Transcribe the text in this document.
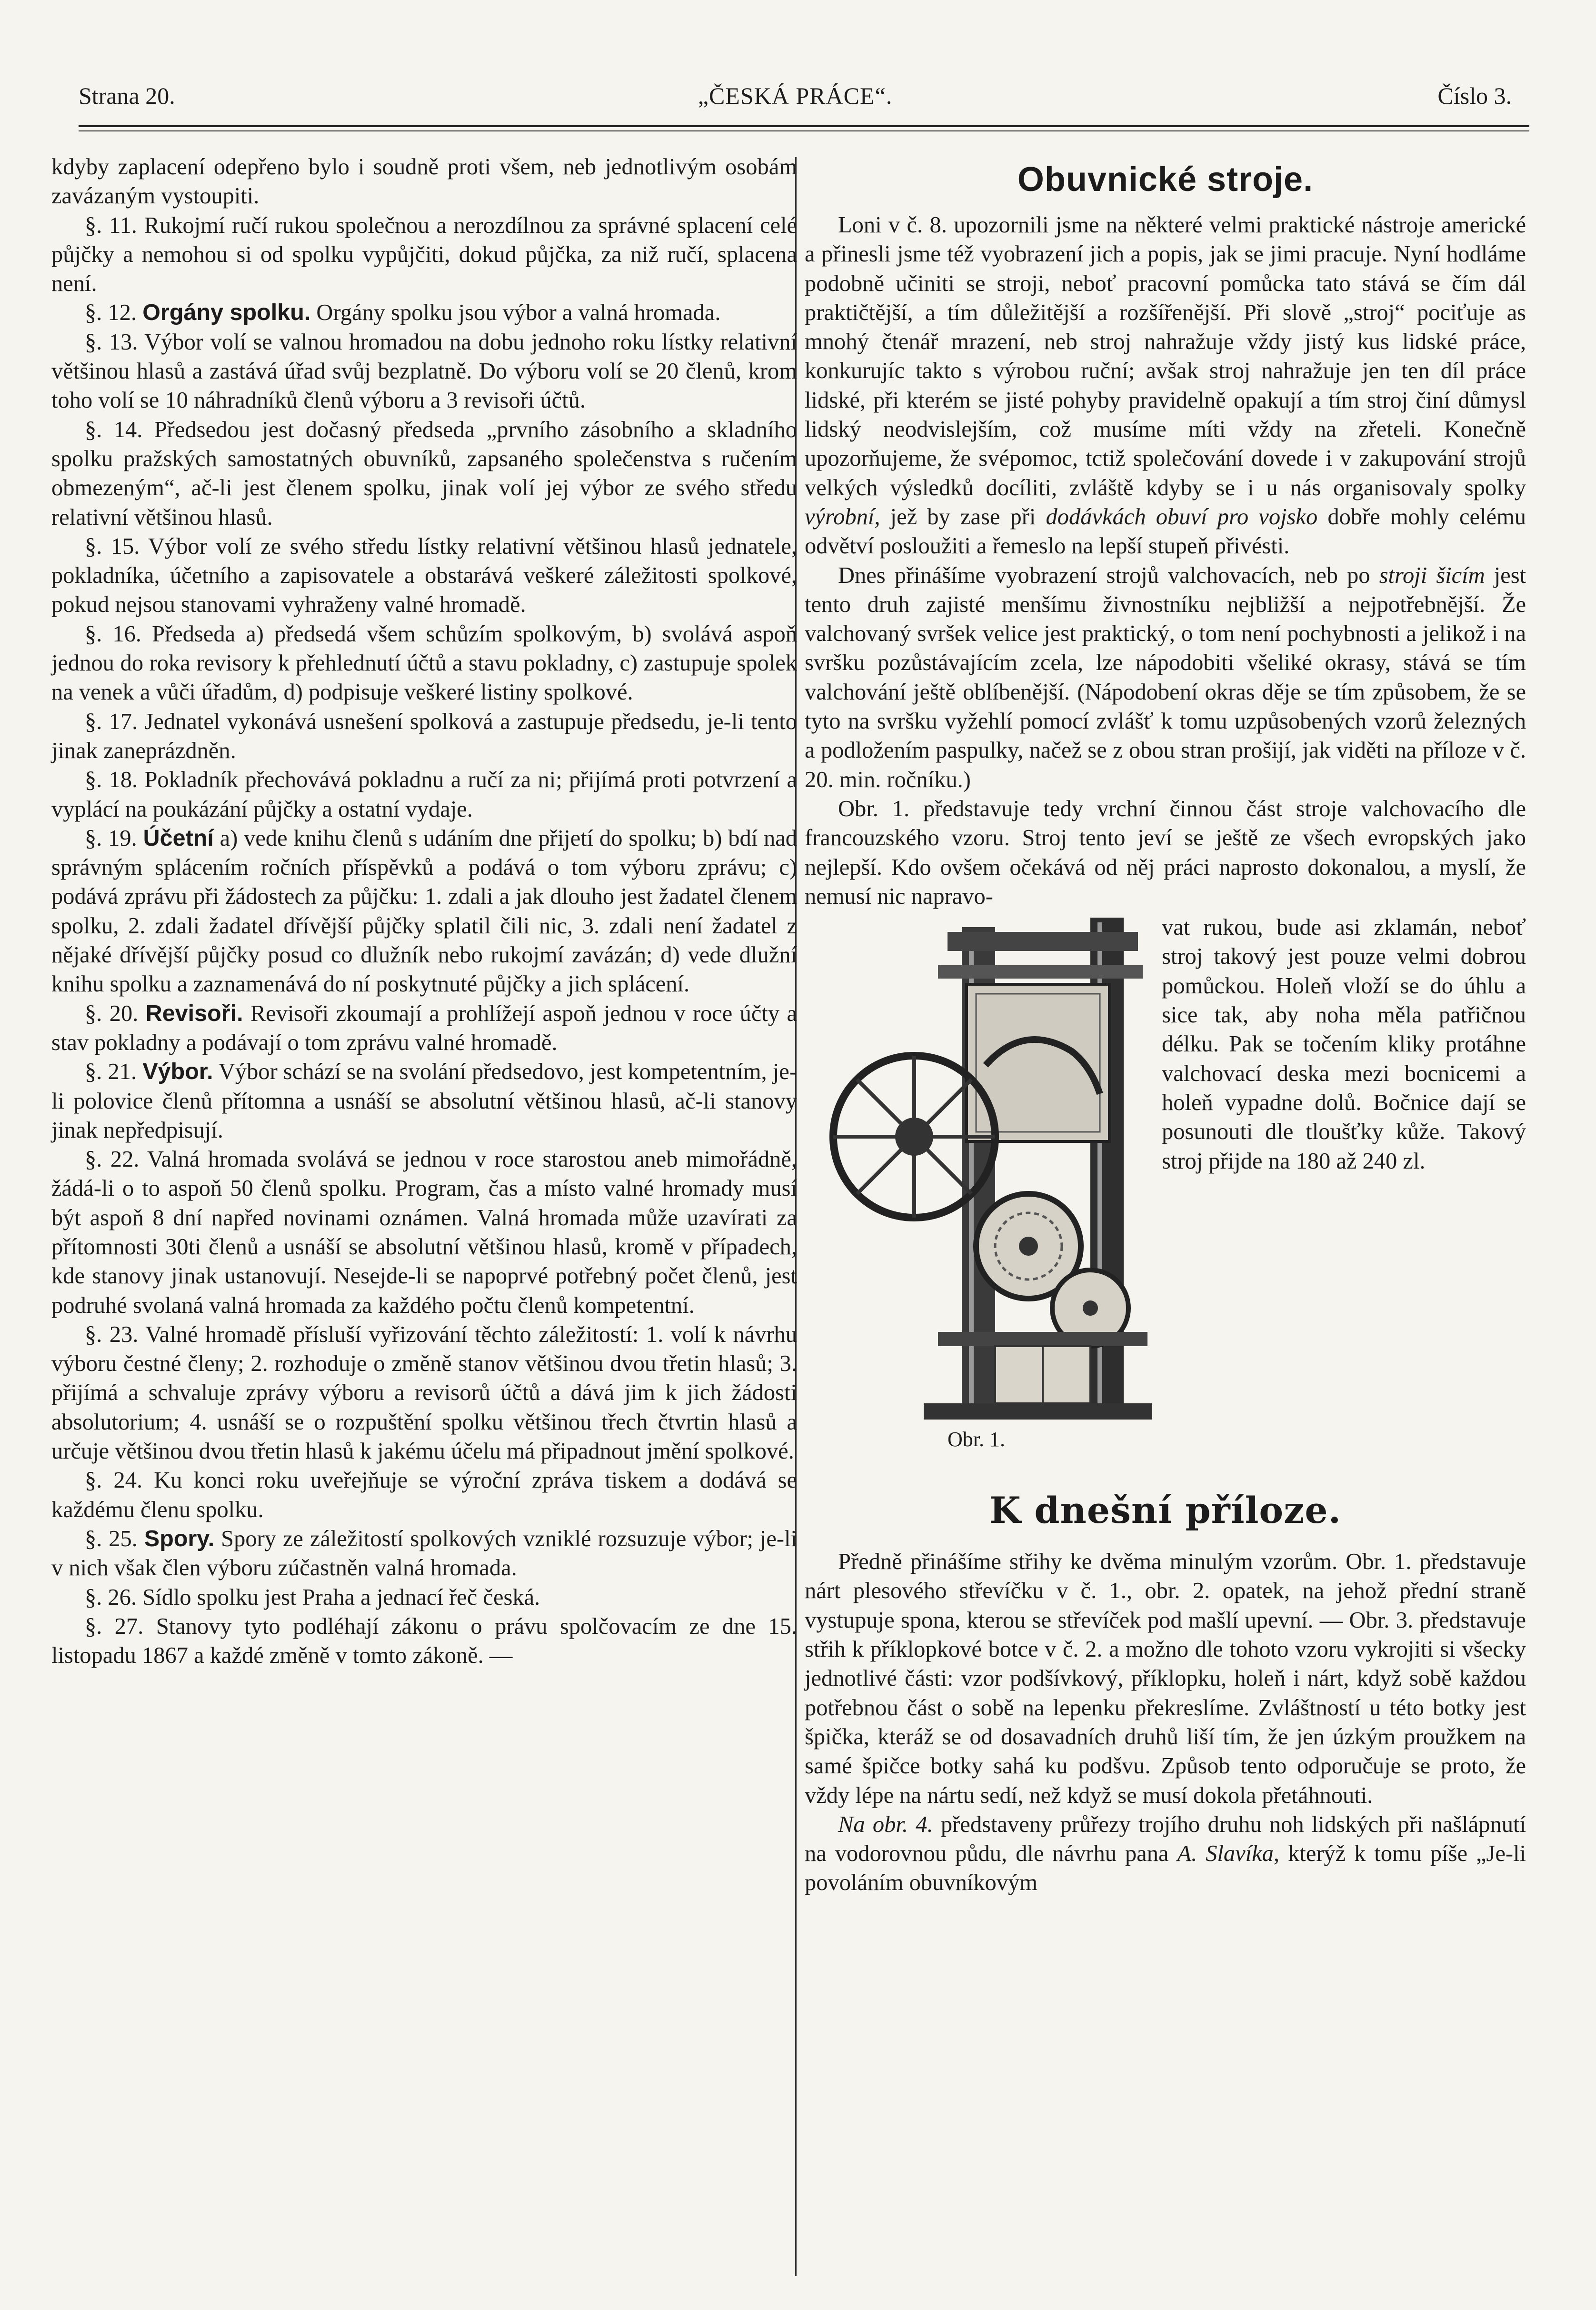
Strana 20.	„ČESKÁ PRÁCE“.	Číslo 3.

kdyby zaplacení odepřeno bylo i soudně proti všem, neb jednotlivým osobám zavázaným vystoupiti.

§. 11. Rukojmí ručí rukou společnou a nerozdílnou za správné splacení celé půjčky a nemohou si od spolku vypůjčiti, dokud půjčka, za niž ručí, splacena není.

§. 12. Orgány spolku. Orgány spolku jsou výbor a valná hromada.

§. 13. Výbor volí se valnou hromadou na dobu jednoho roku lístky relativní většinou hlasů a zastává úřad svůj bezplatně. Do výboru volí se 20 členů, krom toho volí se 10 náhradníků členů výboru a 3 revisoři účtů.

§. 14. Předsedou jest dočasný předseda „prvního zásobního a skladního spolku pražských samostatných obuvníků, zapsaného společenstva s ručením obmezeným“, ač-li jest členem spolku, jinak volí jej výbor ze svého středu relativní většinou hlasů.

§. 15. Výbor volí ze svého středu lístky relativní většinou hlasů jednatele, pokladníka, účetního a zapisovatele a obstarává veškeré záležitosti spolkové, pokud nejsou stanovami vyhraženy valné hromadě.

§. 16. Předseda a) předsedá všem schůzím spolkovým, b) svolává aspoň jednou do roka revisory k přehlednutí účtů a stavu pokladny, c) zastupuje spolek na venek a vůči úřadům, d) podpisuje veškeré listiny spolkové.

§. 17. Jednatel vykonává usnešení spolková a zastupuje předsedu, je-li tento jinak zaneprázdněn.

§. 18. Pokladník přechovává pokladnu a ručí za ni; přijímá proti potvrzení a vyplácí na poukázání půjčky a ostatní vydaje.

§. 19. Účetní a) vede knihu členů s udáním dne přijetí do spolku; b) bdí nad správným splácením ročních příspěvků a podává o tom výboru zprávu; c) podává zprávu při žádostech za půjčku: 1. zdali a jak dlouho jest žadatel členem spolku, 2. zdali žadatel dřívější půjčky splatil čili nic, 3. zdali není žadatel z nějaké dřívější půjčky posud co dlužník nebo rukojmí zavázán; d) vede dlužní knihu spolku a zaznamenává do ní poskytnuté půjčky a jich splácení.

§. 20. Revisoři. Revisoři zkoumají a prohlížejí aspoň jednou v roce účty a stav pokladny a podávají o tom zprávu valné hromadě.

§. 21. Výbor. Výbor schází se na svolání předsedovo, jest kompetentním, je-li polovice členů přítomna a usnáší se absolutní většinou hlasů, ač-li stanovy jinak nepředpisují.

§. 22. Valná hromada svolává se jednou v roce starostou aneb mimořádně, žádá-li o to aspoň 50 členů spolku. Program, čas a místo valné hromady musí být aspoň 8 dní napřed novinami oznámen. Valná hromada může uzavírati za přítomnosti 30ti členů a usnáší se absolutní většinou hlasů, kromě v případech, kde stanovy jinak ustanovují. Nesejde-li se napoprvé potřebný počet členů, jest podruhé svolaná valná hromada za každého počtu členů kompetentní.

§. 23. Valné hromadě přísluší vyřizování těchto záležitostí: 1. volí k návrhu výboru čestné členy; 2. rozhoduje o změně stanov většinou dvou třetin hlasů; 3. přijímá a schvaluje zprávy výboru a revisorů účtů a dává jim k jich žádosti absolutorium; 4. usnáší se o rozpuštění spolku většinou třech čtvrtin hlasů a určuje většinou dvou třetin hlasů k jakému účelu má připadnout jmění spolkové.

§. 24. Ku konci roku uveřejňuje se výroční zpráva tiskem a dodává se každému členu spolku.

§. 25. Spory. Spory ze záležitostí spolkových vzniklé rozsuzuje výbor; je-li v nich však člen výboru zúčastněn valná hromada.

§. 26. Sídlo spolku jest Praha a jednací řeč česká.

§. 27. Stanovy tyto podléhají zákonu o právu spolčovacím ze dne 15. listopadu 1867 a každé změně v tomto zákoně. —

Obuvnické stroje.

Loni v č. 8. upozornili jsme na některé velmi praktické nástroje americké a přinesli jsme též vyobrazení jich a popis, jak se jimi pracuje. Nyní hodláme podobně učiniti se stroji, neboť pracovní pomůcka tato stává se čím dál praktičtější, a tím důležitější a rozšířenější. Při slově „stroj“ pociťuje as mnohý čtenář mrazení, neb stroj nahražuje vždy jistý kus lidské práce, konkurujíc takto s výrobou ruční; avšak stroj nahražuje jen ten díl práce lidské, při kterém se jisté pohyby pravidelně opakují a tím stroj činí důmysl lidský neodvislejším, což musíme míti vždy na zřeteli. Konečně upozorňujeme, že svépomoc, tctiž společování dovede i v zakupování strojů velkých výsledků docíliti, zvláště kdyby se i u nás organisovaly spolky výrobní, jež by zase při dodávkách obuví pro vojsko dobře mohly celému odvětví posloužiti a řemeslo na lepší stupeň přivésti.

Dnes přinášíme vyobrazení strojů valchovacích, neb po stroji šicím jest tento druh zajisté menšímu živnostníku nejbližší a nejpotřebnější. Že valchovaný svršek velice jest praktický, o tom není pochybnosti a jelikož i na svršku pozůstávajícím zcela, lze nápodobiti všeliké okrasy, stává se tím valchování ještě oblíbenější. (Nápodobení okras děje se tím způsobem, že se tyto na svršku vyžehlí pomocí zvlášť k tomu uzpůsobených vzorů železných a podložením paspulky, načež se z obou stran prošijí, jak viděti na příloze v č. 20. min. ročníku.)

Obr. 1. představuje tedy vrchní činnou část stroje valchovacího dle francouzského vzoru. Stroj tento jeví se ještě ze všech evropských jako nejlepší. Kdo ovšem očekává od něj práci naprosto dokonalou, a myslí, že nemusí nic napravo-

Obr. 1.

vat rukou, bude asi zklamán, neboť stroj takový jest pouze velmi dobrou pomůckou. Holeň vloží se do úhlu a sice tak, aby noha měla patřičnou délku. Pak se točením kliky protáhne valchovací deska mezi bocnicemi a holeň vypadne dolů. Bočnice dají se posunouti dle tloušťky kůže. Takový stroj přijde na 180 až 240 zl.

K dnešní příloze.

Předně přinášíme střihy ke dvěma minulým vzorům. Obr. 1. představuje nárt plesového střevíčku v č. 1., obr. 2. opatek, na jehož přední straně vystupuje spona, kterou se střevíček pod mašlí upevní. — Obr. 3. představuje střih k příklopkové botce v č. 2. a možno dle tohoto vzoru vykrojiti si všecky jednotlivé části: vzor podšívkový, příklopku, holeň i nárt, když sobě každou potřebnou část o sobě na lepenku překreslíme. Zvláštností u této botky jest špička, kteráž se od dosavadních druhů liší tím, že jen úzkým proužkem na samé špičce botky sahá ku podšvu. Způsob tento odporučuje se proto, že vždy lépe na nártu sedí, než když se musí dokola přetáhnouti.

Na obr. 4. představeny průřezy trojího druhu noh lidských při našlápnutí na vodorovnou půdu, dle návrhu pana A. Slavíka, kterýž k tomu píše „Je-li povoláním obuvníkovým
